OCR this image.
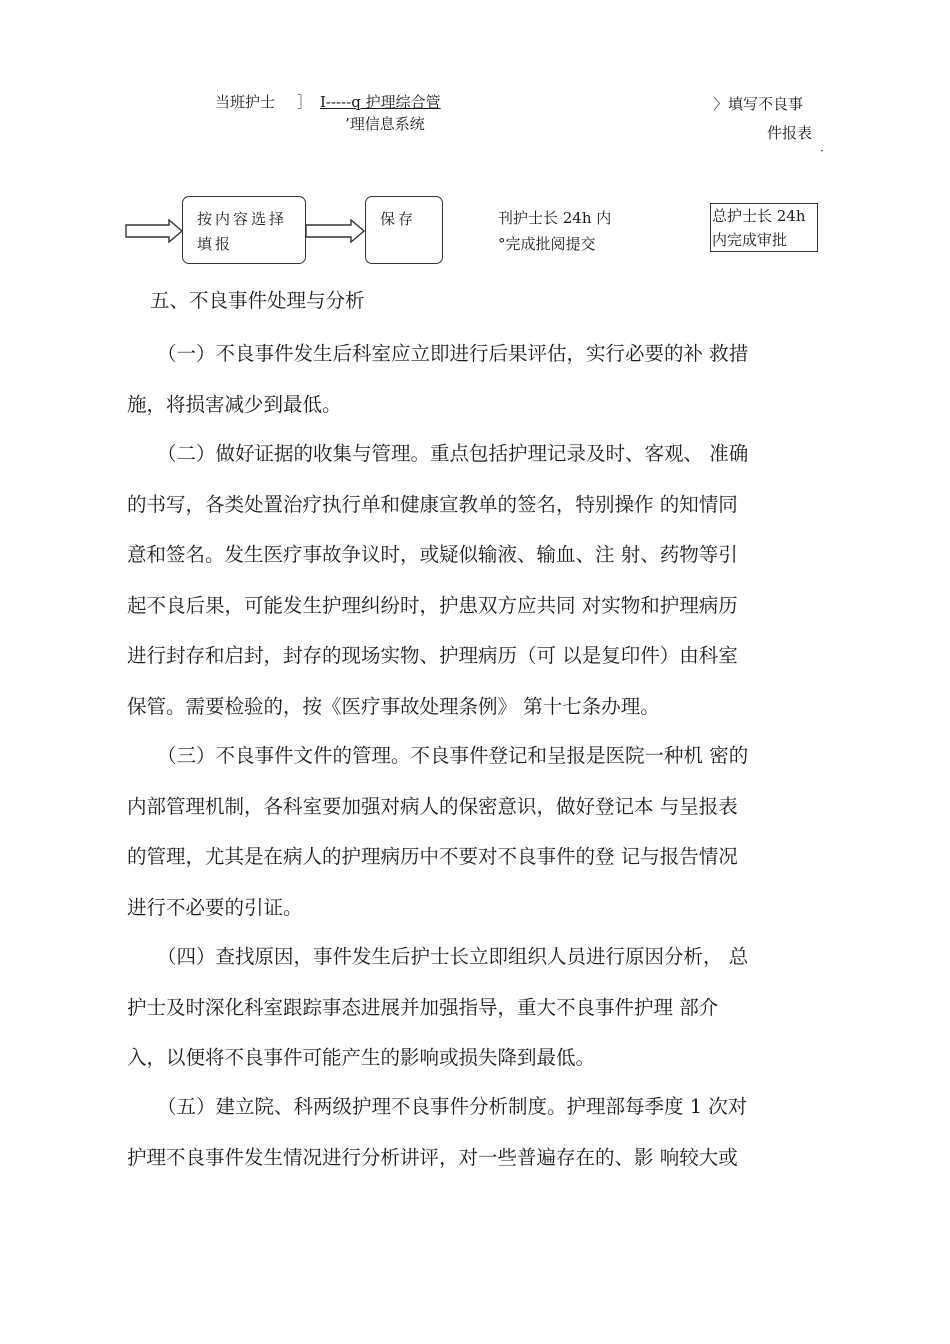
当班护士 ］ I-----q 护理综合管
’理信息系统
〉填写不良事
件报表
·
按内容选择
填报
保存	刊护士长 24h 内
°完成批阅提交
总护士长 24h
内完成审批
五、不良事件处理与分析
（一）不良事件发生后科室应立即进行后果评估，实行必要的补 救措
施，将损害减少到最低。
（二）做好证据的收集与管理。重点包括护理记录及时、客观、 准确
的书写，各类处置治疗执行单和健康宣教单的签名，特别操作 的知情同
意和签名。发生医疗事故争议时，或疑似输液、输血、注 射、药物等引
起不良后果，可能发生护理纠纷时，护患双方应共同 对实物和护理病历
进行封存和启封，封存的现场实物、护理病历（可 以是复印件）由科室
保管。需要检验的，按《医疗事故处理条例》 第十七条办理。
（三）不良事件文件的管理。不良事件登记和呈报是医院一种机 密的
内部管理机制，各科室要加强对病人的保密意识，做好登记本 与呈报表
的管理，尤其是在病人的护理病历中不要对不良事件的登 记与报告情况
进行不必要的引证。
（四）查找原因，事件发生后护士长立即组织人员进行原因分析， 总
护士及时深化科室跟踪事态进展并加强指导，重大不良事件护理 部介
入，以便将不良事件可能产生的影响或损失降到最低。
（五）建立院、科两级护理不良事件分析制度。护理部每季度 1 次对
护理不良事件发生情况进行分析讲评，对一些普遍存在的、影 响较大或
